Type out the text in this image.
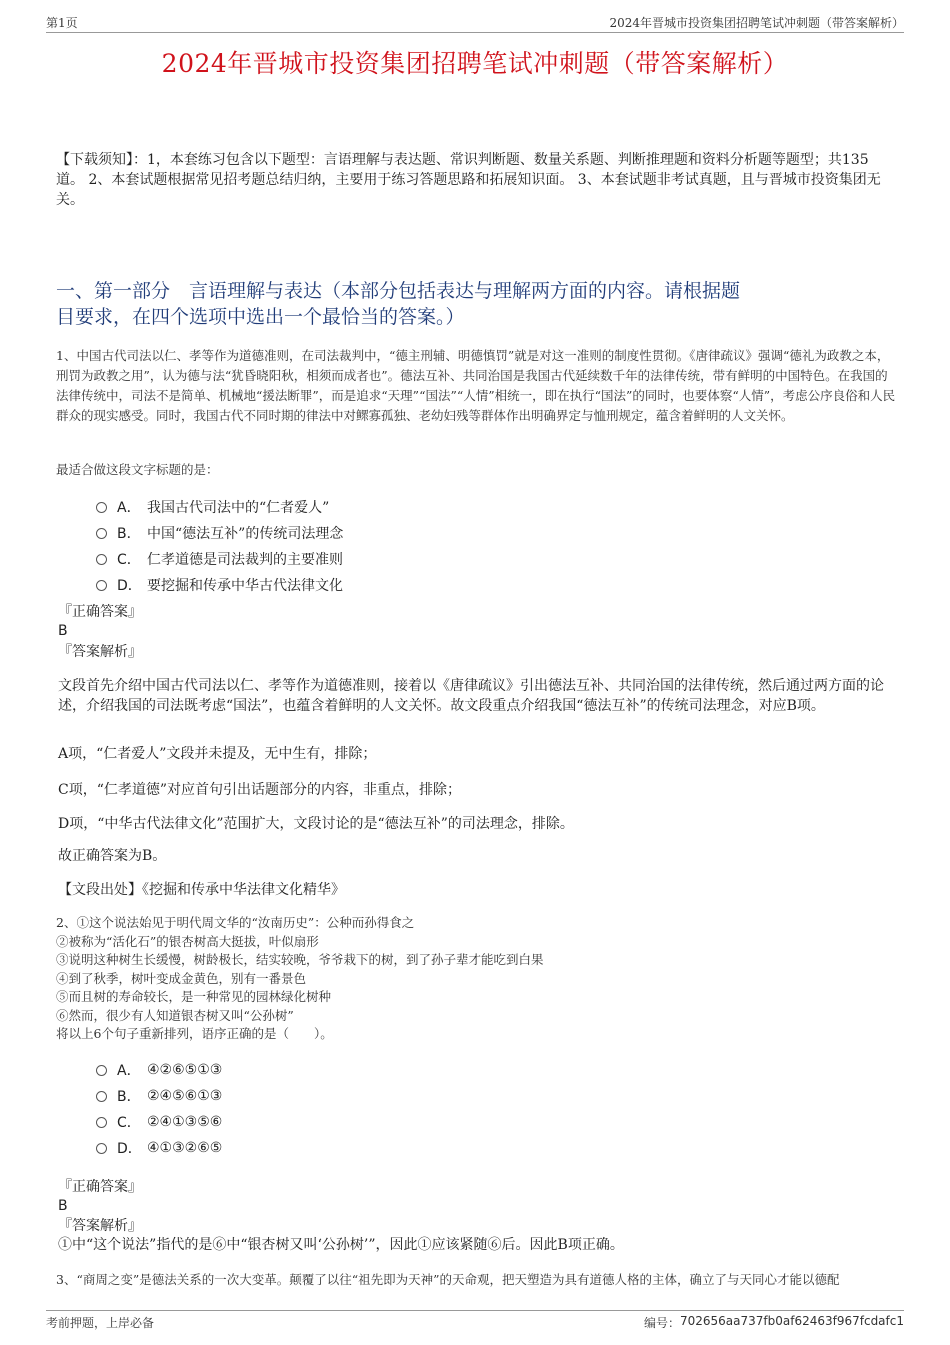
第1页	2024年晋城市投资集团招聘笔试冲刺题（带答案解析）
2024年晋城市投资集团招聘笔试冲刺题（带答案解析）
【下载须知】：1，本套练习包含以下题型：言语理解与表达题、常识判断题、数量关系题、判断推理题和资料分析题等题型；共135道。 2、本套试题根据常见招考题总结归纳，主要用于练习答题思路和拓展知识面。 3、本套试题非考试真题，且与晋城市投资集团无关。
一、第一部分　言语理解与表达（本部分包括表达与理解两方面的内容。请根据题
目要求，在四个选项中选出一个最恰当的答案。）
1、中国古代司法以仁、孝等作为道德准则，在司法裁判中，“德主刑辅、明德慎罚”就是对这一准则的制度性贯彻。《唐律疏议》强调“德礼为政教之本，刑罚为政教之用”，认为德与法“犹昏晓阳秋，相须而成者也”。德法互补、共同治国是我国古代延续数千年的法律传统，带有鲜明的中国特色。在我国的法律传统中，司法不是简单、机械地“援法断罪”，而是追求“天理”“国法”“人情”相统一，即在执行“国法”的同时，也要体察“人情”，考虑公序良俗和人民群众的现实感受。同时，我国古代不同时期的律法中对鳏寡孤独、老幼妇残等群体作出明确界定与恤刑规定，蕴含着鲜明的人文关怀。
最适合做这段文字标题的是：
A． 我国古代司法中的“仁者爱人”
B． 中国“德法互补”的传统司法理念
C． 仁孝道德是司法裁判的主要准则
D． 要挖掘和传承中华古代法律文化
『正确答案』
B
『答案解析』
文段首先介绍中国古代司法以仁、孝等作为道德准则，接着以《唐律疏议》引出德法互补、共同治国的法律传统，然后通过两方面的论述，介绍我国的司法既考虑“国法”，也蕴含着鲜明的人文关怀。故文段重点介绍我国“德法互补”的传统司法理念，对应B项。
A项，“仁者爱人”文段并未提及，无中生有，排除；
C项，“仁孝道德”对应首句引出话题部分的内容，非重点，排除；
D项，“中华古代法律文化”范围扩大，文段讨论的是“德法互补”的司法理念，排除。
故正确答案为B。
【文段出处】《挖掘和传承中华法律文化精华》
2、①这个说法始见于明代周文华的“汝南历史”：公种而孙得食之
②被称为“活化石”的银杏树高大挺拔，叶似扇形
③说明这种树生长缓慢，树龄极长，结实较晚，爷爷栽下的树，到了孙子辈才能吃到白果
④到了秋季，树叶变成金黄色，别有一番景色
⑤而且树的寿命较长，是一种常见的园林绿化树种
⑥然而，很少有人知道银杏树又叫“公孙树”
将以上6个句子重新排列，语序正确的是（　　）。
A． ④②⑥⑤①③
B． ②④⑤⑥①③
C． ②④①③⑤⑥
D． ④①③②⑥⑤
『正确答案』
B
『答案解析』
①中“这个说法”指代的是⑥中“银杏树又叫‘公孙树’”，因此①应该紧随⑥后。因此B项正确。
3、“商周之变”是德法关系的一次大变革。颠覆了以往“祖先即为天神”的天命观，把天塑造为具有道德人格的主体，确立了与天同心才能以德配
考前押题，上岸必备	编号： 702656aa737fb0af62463f967fcdafc1
